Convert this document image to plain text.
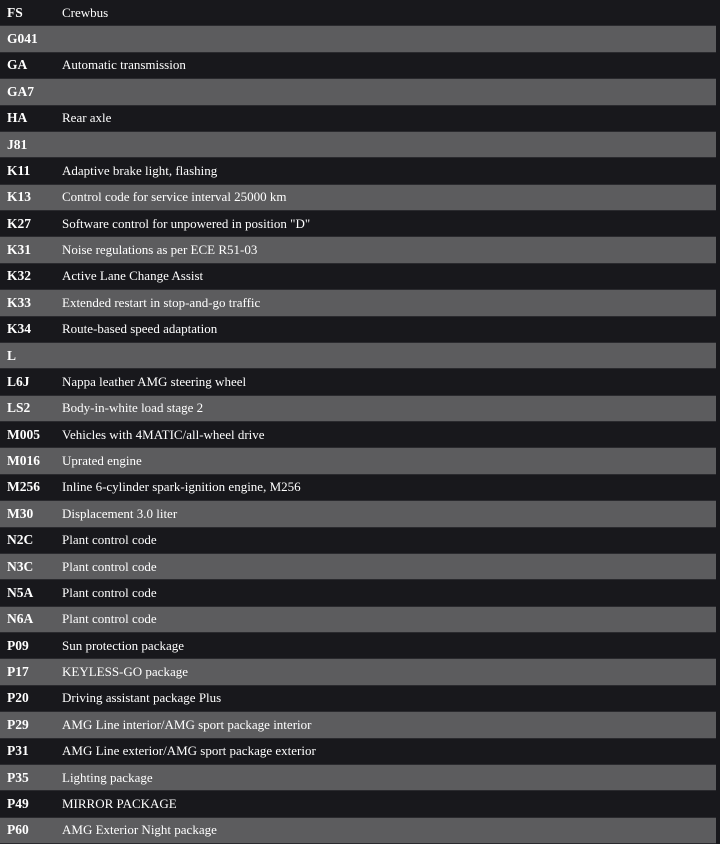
FS	Crewbus
G041
GA	Automatic transmission
GA7
HA	Rear axle
J81
K11	Adaptive brake light, flashing
K13	Control code for service interval 25000 km
K27	Software control for unpowered in position "D"
K31	Noise regulations as per ECE R51-03
K32	Active Lane Change Assist
K33	Extended restart in stop-and-go traffic
K34	Route-based speed adaptation
L
L6J	Nappa leather AMG steering wheel
LS2	Body-in-white load stage 2
M005	Vehicles with 4MATIC/all-wheel drive
M016	Uprated engine
M256	Inline 6-cylinder spark-ignition engine, M256
M30	Displacement 3.0 liter
N2C	Plant control code
N3C	Plant control code
N5A	Plant control code
N6A	Plant control code
P09	Sun protection package
P17	KEYLESS-GO package
P20	Driving assistant package Plus
P29	AMG Line interior/AMG sport package interior
P31	AMG Line exterior/AMG sport package exterior
P35	Lighting package
P49	MIRROR PACKAGE
P60	AMG Exterior Night package
